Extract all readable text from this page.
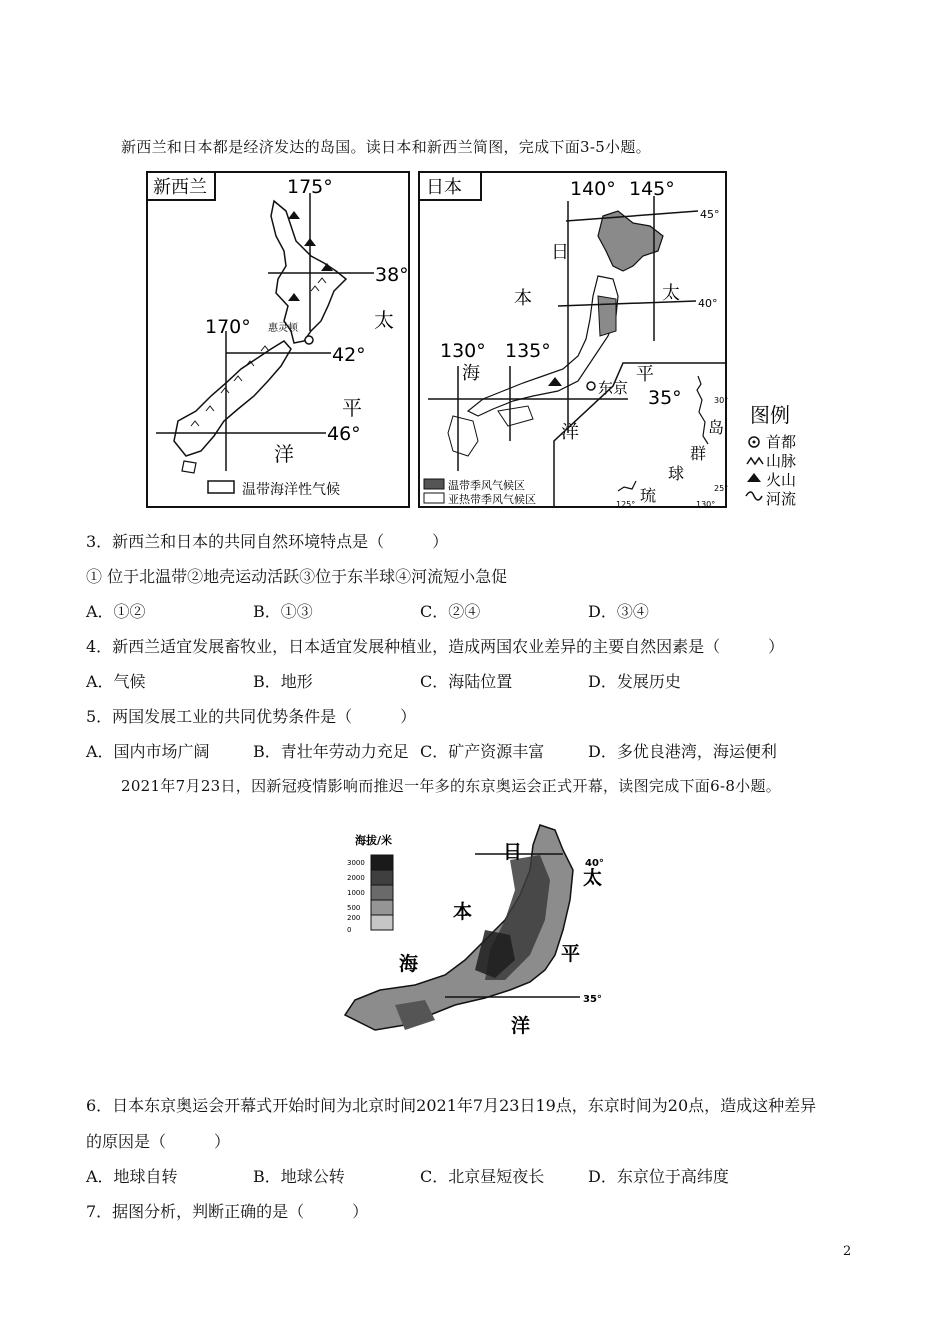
新西兰和日本都是经济发达的岛国。读日本和新西兰简图，完成下面3-5小题。
新西兰	175°
170°
38°
42°
46°
惠灵顿	太
平
洋
温带海洋性气候
日本	140° 145°
130° 135°
45°
40°
35°
日
本
海
太
平
洋
东京
30°
25°
125°	130°
岛
群
球
琉
温带季风气候区
亚热带季风气候区
图例
首都
山脉
火山
河流
3．新西兰和日本的共同自然环境特点是（　　　）
① 位于北温带②地壳运动活跃③位于东半球④河流短小急促
A．①②	B．①③	C．②④	D．③④
4．新西兰适宜发展畜牧业，日本适宜发展种植业，造成两国农业差异的主要自然因素是（　　　）
A．气候	B．地形	C．海陆位置	D．发展历史
5．两国发展工业的共同优势条件是（　　　）
A．国内市场广阔	B．青壮年劳动力充足 C．矿产资源丰富	D．多优良港湾，海运便利
2021年7月23日，因新冠疫情影响而推迟一年多的东京奥运会正式开幕，读图完成下面6-8小题。
海拔/米
3000
2000
1000
500
200
0
日
本
海
太
平
洋
40°
35°
6．日本东京奥运会开幕式开始时间为北京时间2021年7月23日19点，东京时间为20点，造成这种差异
的原因是（　　　）
A．地球自转	B．地球公转	C．北京昼短夜长	D．东京位于高纬度
7．据图分析，判断正确的是（　　　）
2
